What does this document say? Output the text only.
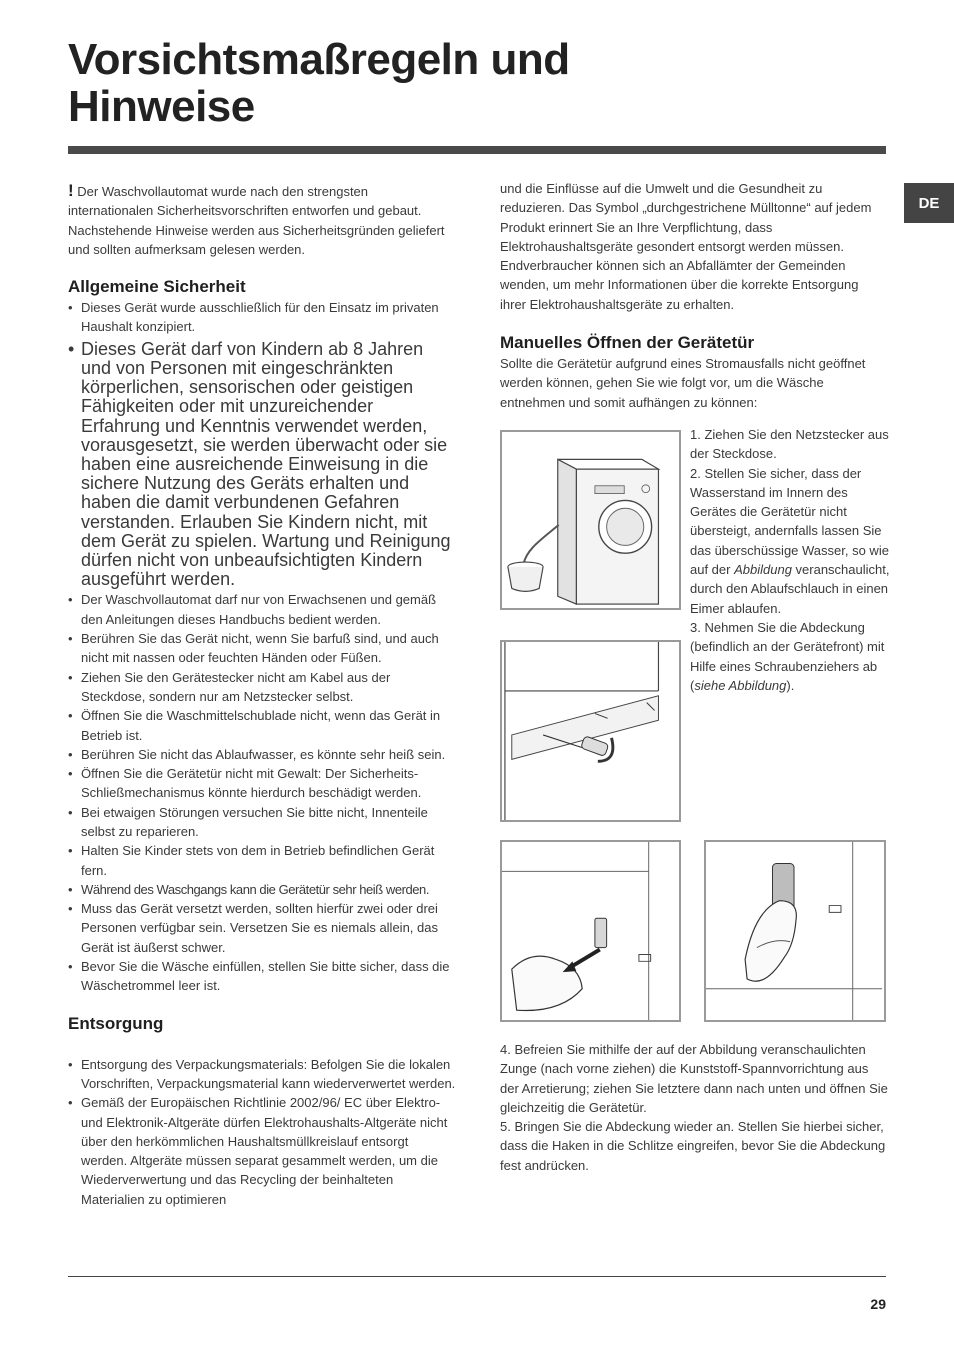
Vorsichtsmaßregeln und
Hinweise
DE

! Der Waschvollautomat wurde nach den strengsten internationalen Sicherheitsvorschriften entworfen und gebaut. Nachstehende Hinweise werden aus Sicherheitsgründen geliefert und sollten aufmerksam gelesen werden.

Allgemeine Sicherheit
• Dieses Gerät wurde ausschließlich für den Einsatz im privaten Haushalt konzipiert.
• Dieses Gerät darf von Kindern ab 8 Jahren und von Personen mit eingeschränkten körperlichen, sensorischen oder geistigen Fähigkeiten oder mit unzureichender Erfahrung und Kenntnis verwendet werden, vorausgesetzt, sie werden überwacht oder sie haben eine ausreichende Einweisung in die sichere Nutzung des Geräts erhalten und haben die damit verbundenen Gefahren verstanden. Erlauben Sie Kindern nicht, mit dem Gerät zu spielen. Wartung und Reinigung dürfen nicht von unbeaufsichtigten Kindern ausgeführt werden.
• Der Waschvollautomat darf nur von Erwachsenen und gemäß den Anleitungen dieses Handbuchs bedient werden.
• Berühren Sie das Gerät nicht, wenn Sie barfuß sind, und auch nicht mit nassen oder feuchten Händen oder Füßen.
• Ziehen Sie den Gerätestecker nicht am Kabel aus der Steckdose, sondern nur am Netzstecker selbst.
• Öffnen Sie die Waschmittelschublade nicht, wenn das Gerät in Betrieb ist.
• Berühren Sie nicht das Ablaufwasser, es könnte sehr heiß sein.
• Öffnen Sie die Gerätetür nicht mit Gewalt: Der Sicherheits-Schließmechanismus könnte hierdurch beschädigt werden.
• Bei etwaigen Störungen versuchen Sie bitte nicht, Innenteile selbst zu reparieren.
• Halten Sie Kinder stets von dem in Betrieb befindlichen Gerät fern.
• Während des Waschgangs kann die Gerätetür sehr heiß werden.
• Muss das Gerät versetzt werden, sollten hierfür zwei oder drei Personen verfügbar sein. Versetzen Sie es niemals allein, das Gerät ist äußerst schwer.
• Bevor Sie die Wäsche einfüllen, stellen Sie bitte sicher, dass die Wäschetrommel leer ist.
Entsorgung
• Entsorgung des Verpackungsmaterials: Befolgen Sie die lokalen Vorschriften, Verpackungsmaterial kann wiederverwertet werden.
• Gemäß der Europäischen Richtlinie 2002/96/ EC über Elektro- und Elektronik-Altgeräte dürfen Elektrohaushalts-Altgeräte nicht über den herkömmlichen Haushaltsmüllkreislauf entsorgt werden. Altgeräte müssen separat gesammelt werden, um die Wiederverwertung und das Recycling der beinhalteten Materialien zu optimieren

und die Einflüsse auf die Umwelt und die Gesundheit zu reduzieren. Das Symbol „durchgestrichene Mülltonne“ auf jedem Produkt erinnert Sie an Ihre Verpflichtung, dass Elektrohaushaltsgeräte gesondert entsorgt werden müssen. Endverbraucher können sich an Abfallämter der Gemeinden wenden, um mehr Informationen über die korrekte Entsorgung ihrer Elektrohaushaltsgeräte zu erhalten.

Manuelles Öffnen der Gerätetür

Sollte die Gerätetür aufgrund eines Stromausfalls nicht geöffnet werden können, gehen Sie wie folgt vor, um die Wäsche entnehmen und somit aufhängen zu können:

1. Ziehen Sie den Netzstecker aus der Steckdose.

2. Stellen Sie sicher, dass der Wasserstand im Innern des Gerätes die Gerätetür nicht übersteigt, andernfalls lassen Sie das überschüssige Wasser, so wie auf der Abbildung veranschaulicht, durch den Ablaufschlauch in einen Eimer ablaufen.

3. Nehmen Sie die Abdeckung (befindlich an der Gerätefront) mit Hilfe eines Schraubenziehers ab (siehe Abbildung).

4. Befreien Sie mithilfe der auf der Abbildung veranschaulichten Zunge (nach vorne ziehen) die Kunststoff-Spannvorrichtung aus der Arretierung; ziehen Sie letztere dann nach unten und öffnen Sie gleichzeitig die Gerätetür.

5. Bringen Sie die Abdeckung wieder an. Stellen Sie hierbei sicher, dass die Haken in die Schlitze eingreifen, bevor Sie die Abdeckung fest andrücken.

29
